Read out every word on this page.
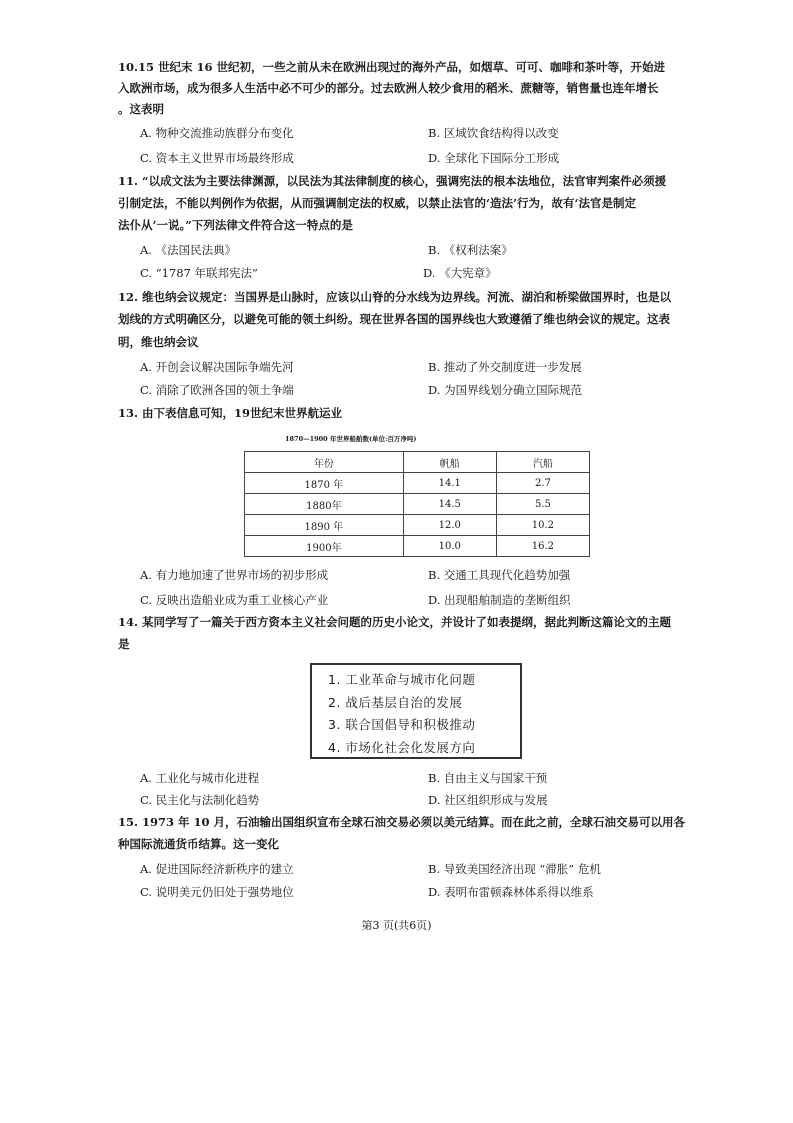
10.15 世纪末 16 世纪初，一些之前从未在欧洲出现过的海外产品，如烟草、可可、咖啡和茶叶等，开始进
入欧洲市场，成为很多人生活中必不可少的部分。过去欧洲人较少食用的稻米、蔗糖等，销售量也连年增长
。这表明
A. 物种交流推动族群分布变化	B. 区域饮食结构得以改变
C. 资本主义世界市场最终形成	D. 全球化下国际分工形成
11. “以成文法为主要法律渊源，以民法为其法律制度的核心，强调宪法的根本法地位，法官审判案件必须援
引制定法，不能以判例作为依据，从而强调制定法的权威，以禁止法官的‘造法’行为，故有‘法官是制定
法仆从’一说。”下列法律文件符合这一特点的是
A. 《法国民法典》	B. 《权利法案》
C. “1787 年联邦宪法”	D. 《大宪章》
12. 维也纳会议规定：当国界是山脉时，应该以山脊的分水线为边界线。河流、湖泊和桥梁做国界时，也是以
划线的方式明确区分，以避免可能的领土纠纷。现在世界各国的国界线也大致遵循了维也纳会议的规定。这表
明，维也纳会议
A. 开创会议解决国际争端先河	B. 推动了外交制度进一步发展
C. 消除了欧洲各国的领土争端	D. 为国界线划分确立国际规范
13. 由下表信息可知，19世纪末世界航运业
1870—1900 年世界船舶数(单位:百万净吨)
年份	帆船	汽船
1870 年	14.1	2.7
1880年	14.5	5.5
1890 年	12.0	10.2
1900年	10.0	16.2
A. 有力地加速了世界市场的初步形成	B. 交通工具现代化趋势加强
C. 反映出造船业成为重工业核心产业	D. 出现船舶制造的垄断组织
14. 某同学写了一篇关于西方资本主义社会问题的历史小论文，并设计了如表提纲，据此判断这篇论文的主题
是
1. 工业革命与城市化问题
2. 战后基层自治的发展
3. 联合国倡导和积极推动
4. 市场化社会化发展方向
A. 工业化与城市化进程	B. 自由主义与国家干预
C. 民主化与法制化趋势	D. 社区组织形成与发展
15. 1973 年 10 月，石油输出国组织宣布全球石油交易必须以美元结算。而在此之前，全球石油交易可以用各
种国际流通货币结算。这一变化
A. 促进国际经济新秩序的建立	B. 导致美国经济出现 “滞胀” 危机
C. 说明美元仍旧处于强势地位	D. 表明布雷顿森林体系得以维系
第3 页(共6页)
